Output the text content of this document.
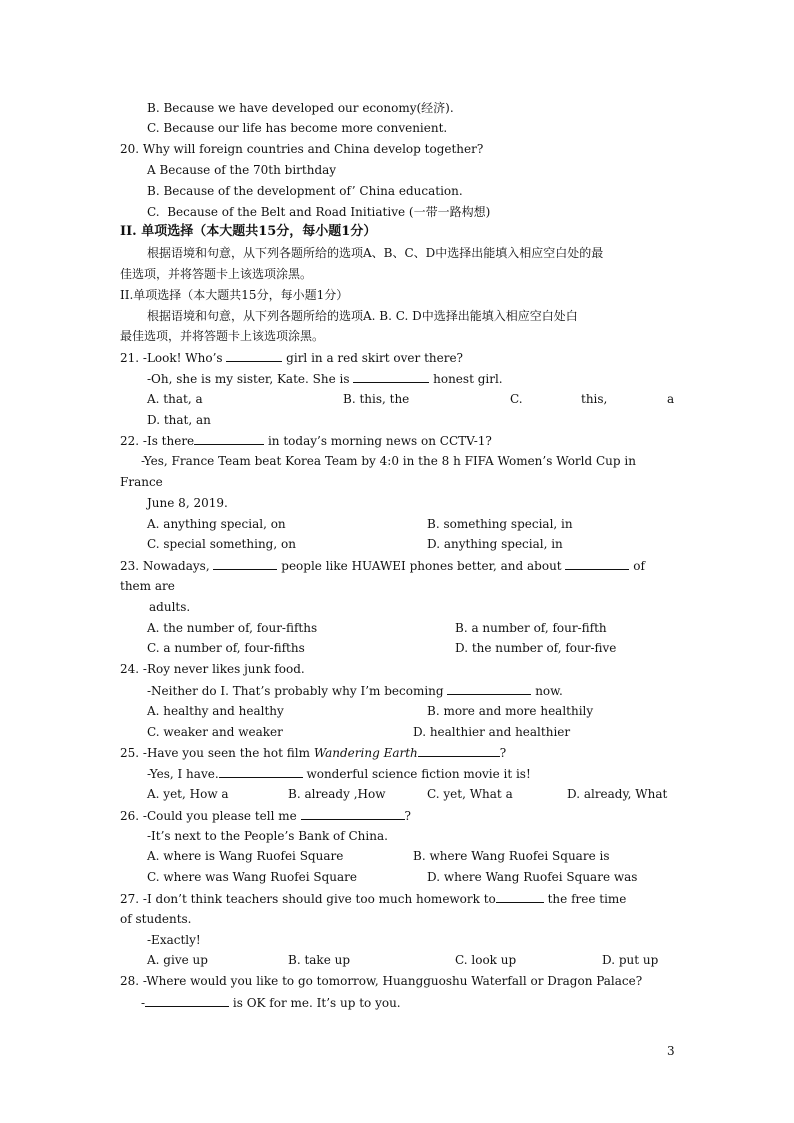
B. Because we have developed our economy(经济).
C. Because our life has become more convenient.
20. Why will foreign countries and China develop together?
A Because of the 70th birthday
B. Because of the development of’ China education.
C.  Because of the Belt and Road Initiative (一带一路构想)
II. 单项选择（本大题共15分，每小题1分）
根据语境和句意，从下列各题所给的选项A、B、C、D中选择出能填入相应空白处的最
佳选项，并将答题卡上该选项涂黑。
II.单项选择（本大题共15分，每小题1分）
根据语境和句意，从下列各题所给的选项A. B. C. D中选择出能填入相应空白处白
最佳选项，并将答题卡上该选项涂黑。
21. -Look! Who’s	girl in a red skirt over there?
-Oh, she is my sister, Kate. She is	honest girl.
A. that, a	B. this, the	C.	this,	a
D. that, an
22. -Is there	in today’s morning news on CCTV-1?
-Yes, France Team beat Korea Team by 4:0 in the 8 h FIFA Women’s World Cup in
France
June 8, 2019.
A. anything special, on	B. something special, in
C. special something, on	D. anything special, in
23. Nowadays,	people like HUAWEI phones better, and about	of
them are
adults.
A. the number of, four-fifths	B. a number of, four-fifth
C. a number of, four-fifths	D. the number of, four-five
24. -Roy never likes junk food.
-Neither do I. That’s probably why I’m becoming	now.
A. healthy and healthy	B. more and more healthily
C. weaker and weaker	D. healthier and healthier
25. -Have you seen the hot film Wandering Earth	?
-Yes, I have.	wonderful science fiction movie it is!
A. yet, How a	B. already ,How	C. yet, What a	D. already, What
26. -Could you please tell me	?
-It’s next to the People’s Bank of China.
A. where is Wang Ruofei Square	B. where Wang Ruofei Square is
C. where was Wang Ruofei Square	D. where Wang Ruofei Square was
27. -I don’t think teachers should give too much homework to	the free time
of students.
-Exactly!
A. give up	B. take up	C. look up	D. put up
28. -Where would you like to go tomorrow, Huangguoshu Waterfall or Dragon Palace?
-	is OK for me. It’s up to you.
3
